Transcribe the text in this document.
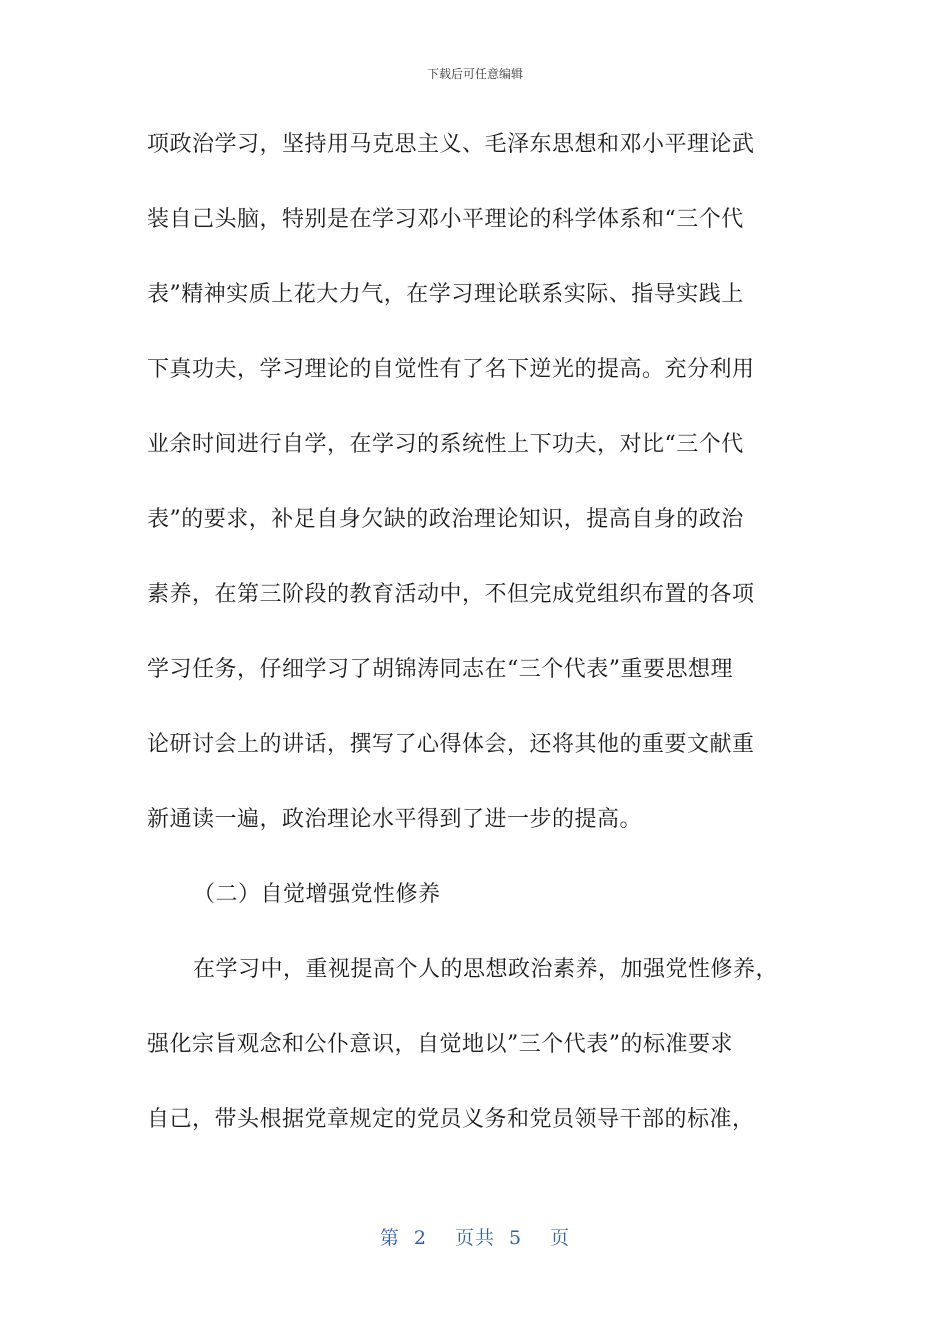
下载后可任意编辑
项政治学习，坚持用马克思主义、毛泽东思想和邓小平理论武
装自己头脑，特别是在学习邓小平理论的科学体系和“三个代
表”精神实质上花大力气，在学习理论联系实际、指导实践上
下真功夫，学习理论的自觉性有了名下逆光的提高。充分利用
业余时间进行自学，在学习的系统性上下功夫，对比“三个代
表”的要求，补足自身欠缺的政治理论知识，提高自身的政治
素养，在第三阶段的教育活动中，不但完成党组织布置的各项
学习任务，仔细学习了胡锦涛同志在“三个代表”重要思想理
论研讨会上的讲话，撰写了心得体会，还将其他的重要文献重
新通读一遍，政治理论水平得到了进一步的提高。
（二）自觉增强党性修养
在学习中，重视提高个人的思想政治素养，加强党性修养，
强化宗旨观念和公仆意识，自觉地以”三个代表”的标准要求
自己，带头根据党章规定的党员义务和党员领导干部的标准，
第 2 页共 5 页
